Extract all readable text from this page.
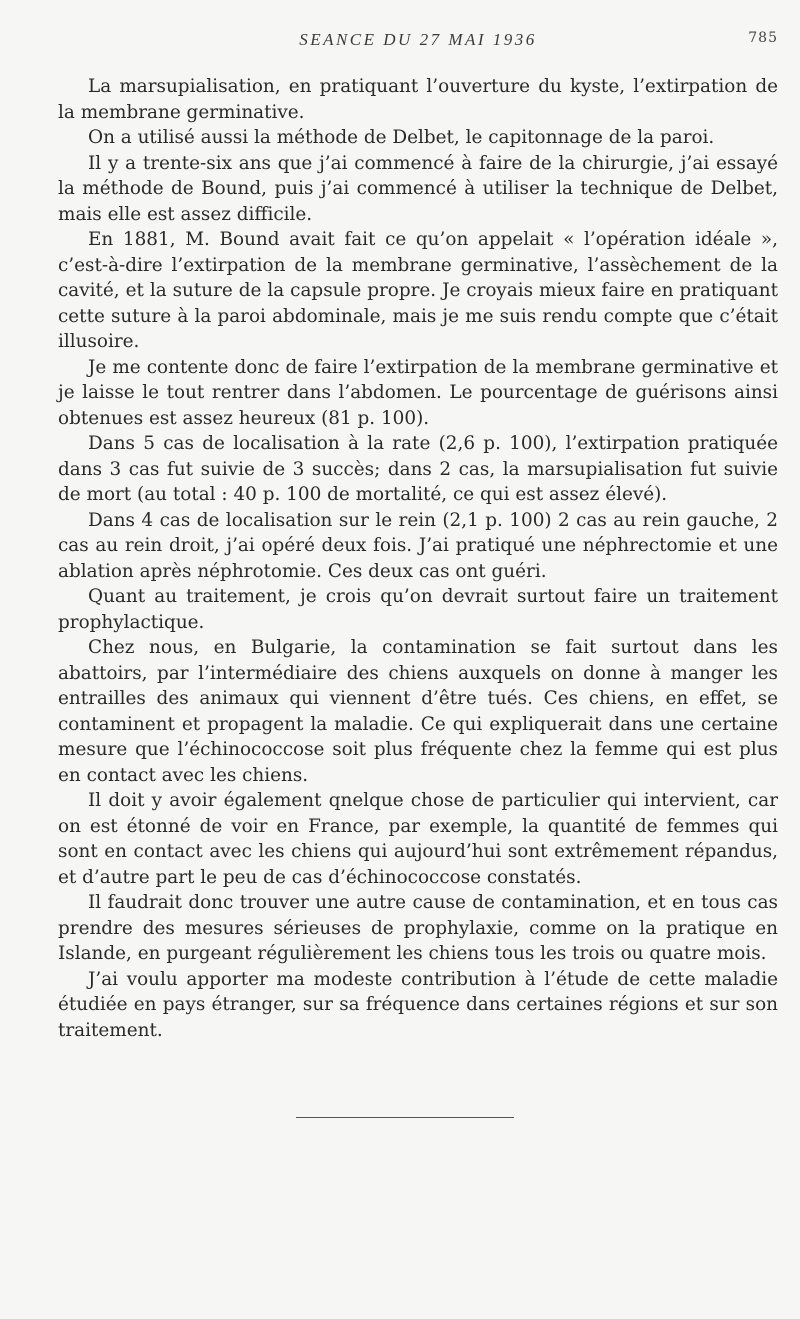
SEANCE DU 27 MAI 1936	785

La marsupialisation, en pratiquant l’ouverture du kyste, l’extirpation de la membrane germinative.

On a utilisé aussi la méthode de Delbet, le capitonnage de la paroi.

Il y a trente-six ans que j’ai commencé à faire de la chirurgie, j’ai essayé la méthode de Bound, puis j’ai commencé à utiliser la technique de Delbet, mais elle est assez difficile.

En 1881, M. Bound avait fait ce qu’on appelait « l’opération idéale », c’est-à-dire l’extirpation de la membrane germinative, l’assèchement de la cavité, et la suture de la capsule propre. Je croyais mieux faire en pratiquant cette suture à la paroi abdominale, mais je me suis rendu compte que c’était illusoire.

Je me contente donc de faire l’extirpation de la membrane germinative et je laisse le tout rentrer dans l’abdomen. Le pourcentage de guérisons ainsi obtenues est assez heureux (81 p. 100).

Dans 5 cas de localisation à la rate (2,6 p. 100), l’extirpation pratiquée dans 3 cas fut suivie de 3 succès; dans 2 cas, la marsupialisation fut suivie de mort (au total : 40 p. 100 de mortalité, ce qui est assez élevé).

Dans 4 cas de localisation sur le rein (2,1 p. 100) 2 cas au rein gauche, 2 cas au rein droit, j’ai opéré deux fois. J’ai pratiqué une néphrectomie et une ablation après néphrotomie. Ces deux cas ont guéri.

Quant au traitement, je crois qu’on devrait surtout faire un traitement prophylactique.

Chez nous, en Bulgarie, la contamination se fait surtout dans les abattoirs, par l’intermédiaire des chiens auxquels on donne à manger les entrailles des animaux qui viennent d’être tués. Ces chiens, en effet, se contaminent et propagent la maladie. Ce qui expliquerait dans une certaine mesure que l’échinococcose soit plus fréquente chez la femme qui est plus en contact avec les chiens.

Il doit y avoir également qnelque chose de particulier qui intervient, car on est étonné de voir en France, par exemple, la quantité de femmes qui sont en contact avec les chiens qui aujourd’hui sont extrêmement répandus, et d’autre part le peu de cas d’échinococcose constatés.

Il faudrait donc trouver une autre cause de contamination, et en tous cas prendre des mesures sérieuses de prophylaxie, comme on la pratique en Islande, en purgeant régulièrement les chiens tous les trois ou quatre mois.

J’ai voulu apporter ma modeste contribution à l’étude de cette maladie étudiée en pays étranger, sur sa fréquence dans certaines régions et sur son traitement.
